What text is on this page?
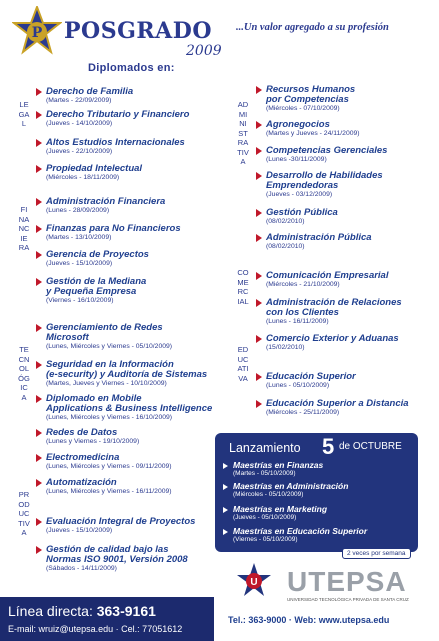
P POSGRADO
2009
...Un valor agregado a su profesión
Diplomados en:
LEGAL
FINANCIERA
TECNOLÓGICA
PRODUCTIVA
ADMINISTRATIVA
COMERCIAL
EDUCATIVA
Derecho de Familia
(Martes - 22/09/2009)
Derecho Tributario y Financiero
(Jueves - 14/10/2009)
Altos Estudios Internacionales
(Jueves - 22/10/2009)
Propiedad Intelectual
(Miércoles - 18/11/2009)
Administración Financiera
(Lunes - 28/09/2009)
Finanzas para No Financieros
(Martes - 13/10/2009)
Gerencia de Proyectos
(Jueves - 15/10/2009)
Gestión de la Mediana
y Pequeña Empresa
(Viernes - 16/10/2009)
Gerenciamiento de Redes
Microsoft
(Lunes, Miércoles y Viernes - 05/10/2009)
Seguridad en la Información
(e-security) y Auditoría de Sistemas
(Martes, Jueves y Viernes - 10/10/2009)
Diplomado en Mobile
Applications & Business Intelligence
(Lunes, Miércoles y Viernes - 16/10/2009)
Redes de Datos
(Lunes y Viernes - 19/10/2009)
Electromedicina
(Lunes, Miércoles y Viernes - 09/11/2009)
Automatización
(Lunes, Miércoles y Viernes - 16/11/2009)
Evaluación Integral de Proyectos
(Jueves - 15/10/2009)
Gestión de calidad bajo las
Normas ISO 9001, Versión 2008
(Sábados - 14/11/2009)
Recursos Humanos
por Competencias
(Miércoles - 07/10/2009)
Agronegocios
(Martes y Jueves - 24/11/2009)
Competencias Gerenciales
(Lunes -30/11/2009)
Desarrollo de Habilidades
Emprendedoras
(Jueves - 03/12/2009)
Gestión Pública
(08/02/2010)
Administración Pública
(08/02/2010)
Comunicación Empresarial
(Miércoles - 21/10/2009)
Administración de Relaciones
con los Clientes
(Lunes - 16/11/2009)
Comercio Exterior y Aduanas
(15/02/2010)
Educación Superior
(Lunes - 05/10/2009)
Educación Superior a Distancia
(Miércoles - 25/11/2009)
Lanzamiento 5 de OCTUBRE
Maestrías en Finanzas
(Martes - 05/10/2009)
Maestrías en Administración
(Miércoles - 05/10/2009)
Maestrías en Marketing
(Jueves - 05/10/2009)
Maestrías en Educación Superior
(Viernes - 05/10/2009)
2 veces por semana
U UTEPSA
UNIVERSIDAD TECNOLÓGICA PRIVADA DE SANTA CRUZ
Línea directa: 363-9161
E-mail: wruiz@utepsa.edu · Cel.: 77051612
Tel.: 363-9000 · Web: www.utepsa.edu
